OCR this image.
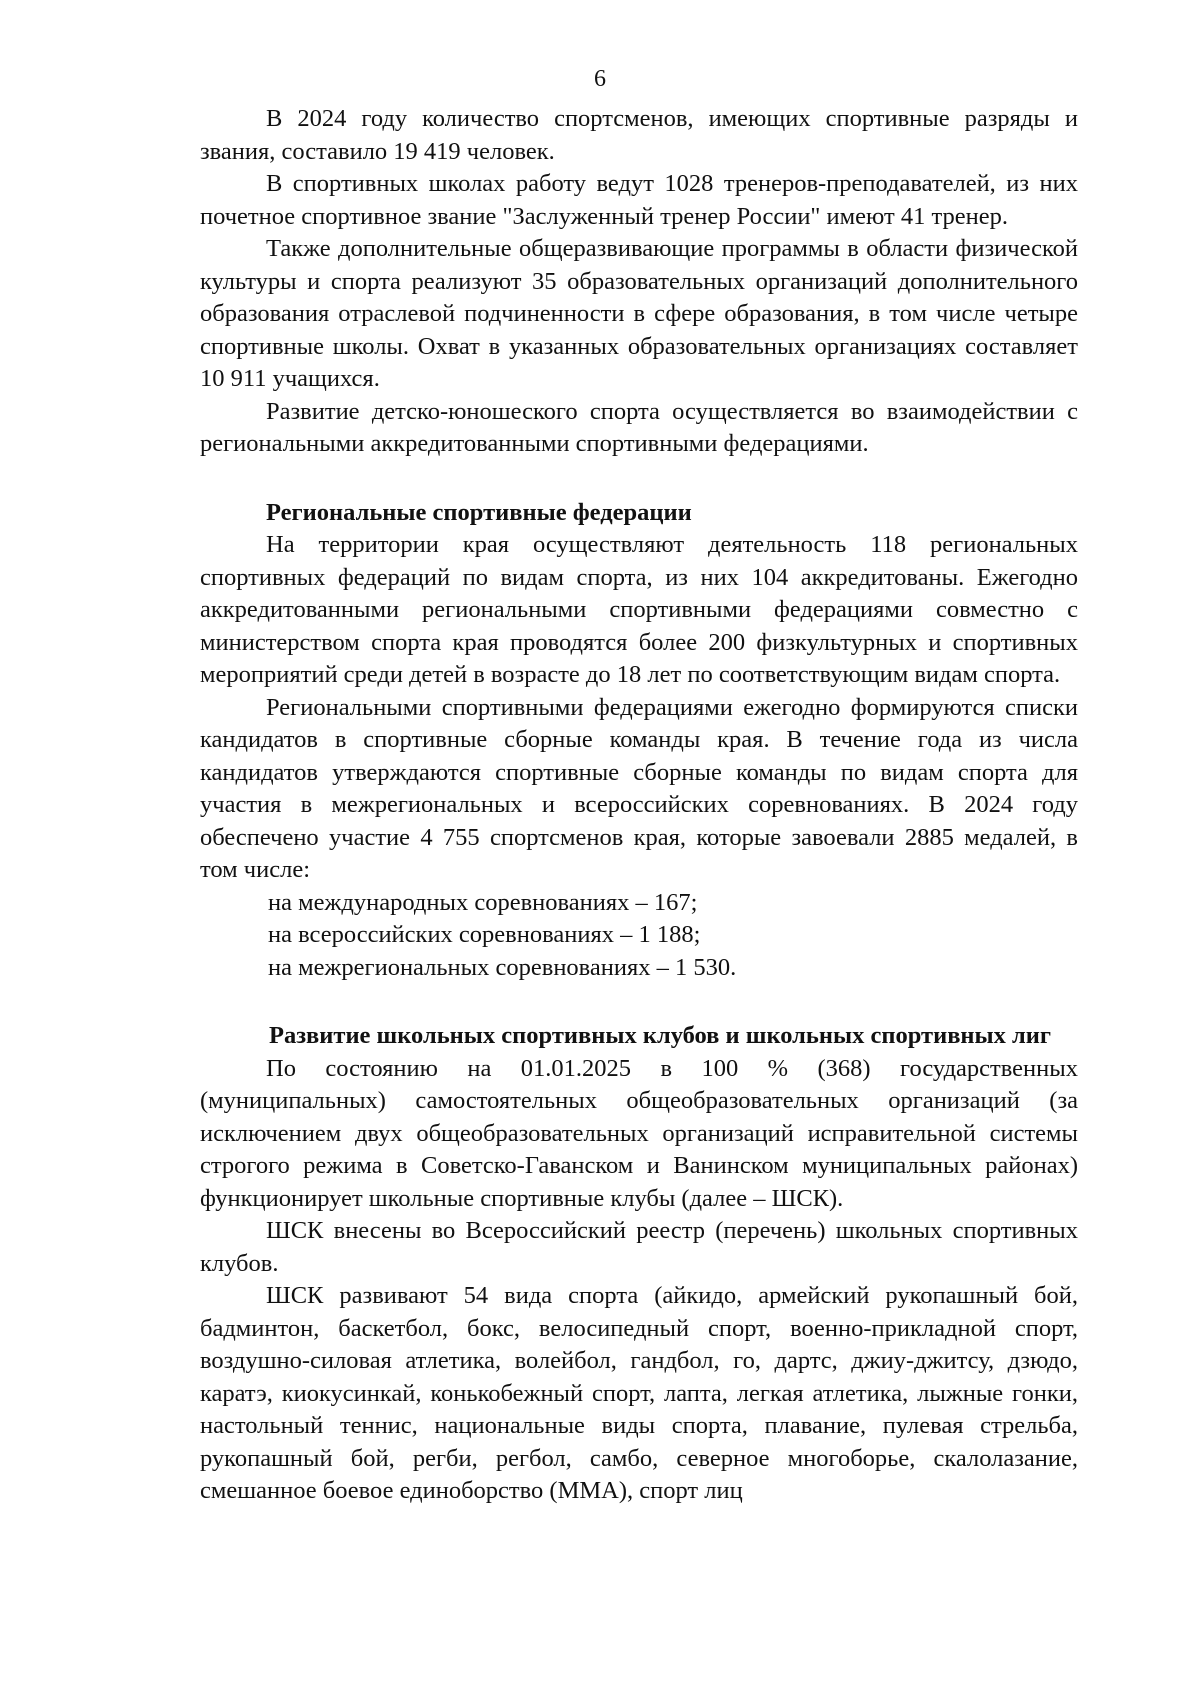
6

В 2024 году количество спортсменов, имеющих спортивные разряды и звания, составило 19 419 человек.

В спортивных школах работу ведут 1028 тренеров-преподавателей, из них почетное спортивное звание "Заслуженный тренер России" имеют 41 тренер.

Также дополнительные общеразвивающие программы в области физической культуры и спорта реализуют 35 образовательных организаций дополнительного образования отраслевой подчиненности в сфере образования, в том числе четыре спортивные школы. Охват в указанных образовательных организациях составляет 10 911 учащихся.

Развитие детско-юношеского спорта осуществляется во взаимодействии с региональными аккредитованными спортивными федерациями.

Региональные спортивные федерации

На территории края осуществляют деятельность 118 региональных спортивных федераций по видам спорта, из них 104 аккредитованы. Ежегодно аккредитованными региональными спортивными федерациями совместно с министерством спорта края проводятся более 200 физкультурных и спортивных мероприятий среди детей в возрасте до 18 лет по соответствующим видам спорта.

Региональными спортивными федерациями ежегодно формируются списки кандидатов в спортивные сборные команды края. В течение года из числа кандидатов утверждаются спортивные сборные команды по видам спорта для участия в межрегиональных и всероссийских соревнованиях. В 2024 году обеспечено участие 4 755 спортсменов края, которые завоевали 2885 медалей, в том числе:

на международных соревнованиях – 167;
на всероссийских соревнованиях – 1 188;
на межрегиональных соревнованиях – 1 530.
Развитие школьных спортивных клубов и школьных спортивных лиг

По состоянию на 01.01.2025 в 100 % (368) государственных (муниципальных) самостоятельных общеобразовательных организаций (за исключением двух общеобразовательных организаций исправительной системы строгого режима в Советско-Гаванском и Ванинском муниципальных районах) функционирует школьные спортивные клубы (далее – ШСК).

ШСК внесены во Всероссийский реестр (перечень) школьных спортивных клубов.

ШСК развивают 54 вида спорта (айкидо, армейский рукопашный бой, бадминтон, баскетбол, бокс, велосипедный спорт, военно-прикладной спорт, воздушно-силовая атлетика, волейбол, гандбол, го, дартс, джиу-джитсу, дзюдо, каратэ, киокусинкай, конькобежный спорт, лапта, легкая атлетика, лыжные гонки, настольный теннис, национальные виды спорта, плавание, пулевая стрельба, рукопашный бой, регби, регбол, самбо, северное многоборье, скалолазание, смешанное боевое единоборство (ММА), спорт лиц
